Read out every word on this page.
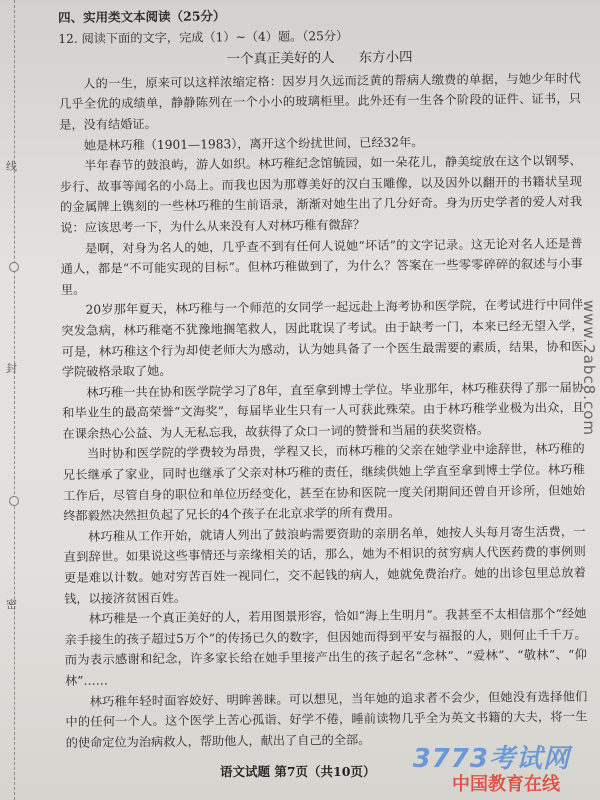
线
封
密
四、实用类文本阅读（25分）
12. 阅读下面的文字，完成（1）~（4）题。（25分）
一个真正美好的人 东方小四

人的一生，原来可以这样浓缩定格：因岁月久远而泛黄的帮病人缴费的单据，与她少年时代几乎全优的成绩单，静静陈列在一个小小的玻璃柜里。此外还有一生各个阶段的证件、证书，只是，没有结婚证。

她是林巧稚（1901—1983），离开这个纷扰世间，已经32年。

半年春节的鼓浪屿，游人如织。林巧稚纪念馆毓园，如一朵花儿，静美绽放在这个以钢琴、步行、故事等闻名的小岛上。而我也因为那尊美好的汉白玉雕像，以及因外以翻开的书籍状呈现的金属牌上镌刻的一些林巧稚的生前语录，渐渐对她生出了几分好奇。身为历史学者的爱人对我说：应该思考一下，为什么从来没有人对林巧稚有微辞？

是啊，对身为名人的她，几乎查不到有任何人说她“坏话”的文字记录。这无论对名人还是普通人，都是“不可能实现的目标”。但林巧稚做到了，为什么？答案在一些零零碎碎的叙述与小事里。

20岁那年夏天，林巧稚与一个师范的女同学一起远赴上海考协和医学院，在考试进行中同伴突发急病，林巧稚毫不犹豫地搁笔救人，因此耽误了考试。由于缺考一门，本来已经无望入学，可是，林巧稚这个行为却使老师大为感动，认为她具备了一个医生最需要的素质，结果，协和医学院破格录取了她。

林巧稚一共在协和医学院学习了8年，直至拿到博士学位。毕业那年，林巧稚获得了那一届协和毕业生的最高荣誉“文海奖”，每届毕业生只有一人可获此殊荣。由于林巧稚学业极为出众，且在课余热心公益、为人无私忘我，故获得了众口一词的赞誉和当届的获奖资格。

当时协和医学院的学费较为昂贵，学程又长，而林巧稚的父亲在她学业中途辞世，林巧稚的兄长继承了家业，同时也继承了父亲对林巧稚的责任，继续供她上学直至拿到博士学位。林巧稚工作后，尽管自身的职位和单位历经变化，甚至在协和医院一度关闭期间还曾自开诊所，但她始终都毅然决然担负起了兄长的4个孩子在北京求学的所有费用。

林巧稚从工作开始，就请人列出了鼓浪屿需要资助的亲朋名单，她按人头每月寄生活费，一直到辞世。如果说这些事情还与亲缘相关的话，那么，她为不相识的贫穷病人代医药费的事例则更是难以计数。她对穷苦百姓一视同仁，交不起钱的病人，她就免费治疗。她的出诊包里总放着钱，以接济贫困百姓。

林巧稚是一个真正美好的人，若用图景形容，恰如“海上生明月”。我甚至不太相信那个“经她亲手接生的孩子超过5万个”的传扬已久的数字，但因她而得到平安与福报的人，则何止千千万。而为表示感谢和纪念，许多家长给在她手里接产出生的孩子起名“念林”、“爱林”、“敬林”、“仰林”……

林巧稚年轻时面容姣好、明眸善睐。可以想见，当年她的追求者不会少，但她没有选择他们中的任何一个人。这个医学上苦心孤诣、好学不倦，睡前读物几乎全为英文书籍的大夫，将一生的使命定位为治病救人，帮助他人，献出了自己的全部。

语文试题 第7页（共10页）
www.2abc8.com
3773考试网
中国教育在线
